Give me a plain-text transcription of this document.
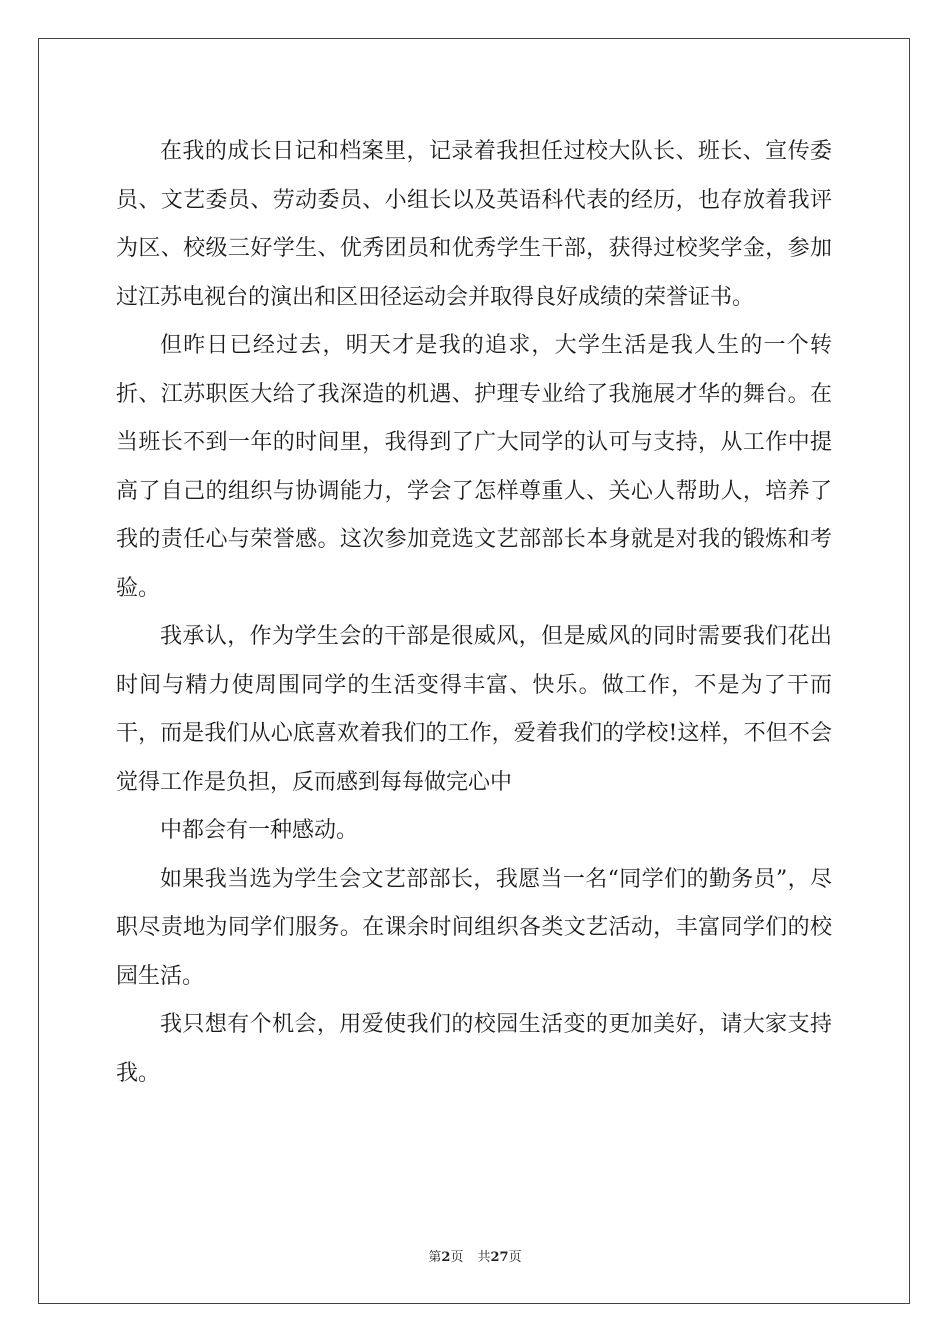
在我的成长日记和档案里，记录着我担任过校大队长、班长、宣传委员、文艺委员、劳动委员、小组长以及英语科代表的经历，也存放着我评为区、校级三好学生、优秀团员和优秀学生干部，获得过校奖学金，参加过江苏电视台的演出和区田径运动会并取得良好成绩的荣誉证书。

但昨日已经过去，明天才是我的追求，大学生活是我人生的一个转折、江苏职医大给了我深造的机遇、护理专业给了我施展才华的舞台。在当班长不到一年的时间里，我得到了广大同学的认可与支持，从工作中提高了自己的组织与协调能力，学会了怎样尊重人、关心人帮助人，培养了我的责任心与荣誉感。这次参加竞选文艺部部长本身就是对我的锻炼和考验。

我承认，作为学生会的干部是很威风，但是威风的同时需要我们花出时间与精力使周围同学的生活变得丰富、快乐。做工作，不是为了干而干，而是我们从心底喜欢着我们的工作，爱着我们的学校!这样，不但不会觉得工作是负担，反而感到每每做完心中

中都会有一种感动。

如果我当选为学生会文艺部部长，我愿当一名“同学们的勤务员”，尽职尽责地为同学们服务。在课余时间组织各类文艺活动，丰富同学们的校园生活。

我只想有个机会，用爱使我们的校园生活变的更加美好，请大家支持我。

第2页 共27页
